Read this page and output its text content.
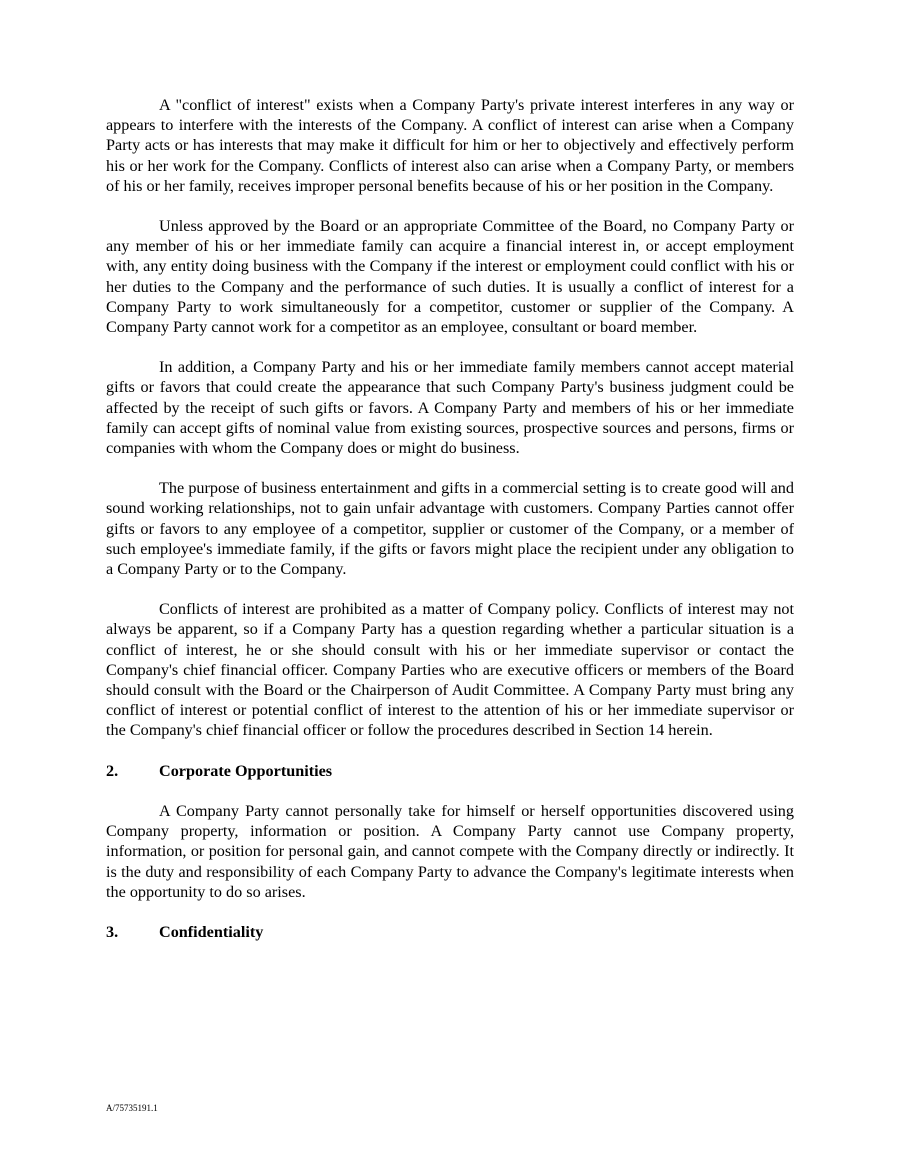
A "conflict of interest" exists when a Company Party's private interest interferes in any way or appears to interfere with the interests of the Company. A conflict of interest can arise when a Company Party acts or has interests that may make it difficult for him or her to objectively and effectively perform his or her work for the Company. Conflicts of interest also can arise when a Company Party, or members of his or her family, receives improper personal benefits because of his or her position in the Company.

Unless approved by the Board or an appropriate Committee of the Board, no Company Party or any member of his or her immediate family can acquire a financial interest in, or accept employment with, any entity doing business with the Company if the interest or employment could conflict with his or her duties to the Company and the performance of such duties. It is usually a conflict of interest for a Company Party to work simultaneously for a competitor, customer or supplier of the Company. A Company Party cannot work for a competitor as an employee, consultant or board member.

In addition, a Company Party and his or her immediate family members cannot accept material gifts or favors that could create the appearance that such Company Party's business judgment could be affected by the receipt of such gifts or favors. A Company Party and members of his or her immediate family can accept gifts of nominal value from existing sources, prospective sources and persons, firms or companies with whom the Company does or might do business.

The purpose of business entertainment and gifts in a commercial setting is to create good will and sound working relationships, not to gain unfair advantage with customers. Company Parties cannot offer gifts or favors to any employee of a competitor, supplier or customer of the Company, or a member of such employee's immediate family, if the gifts or favors might place the recipient under any obligation to a Company Party or to the Company.

Conflicts of interest are prohibited as a matter of Company policy. Conflicts of interest may not always be apparent, so if a Company Party has a question regarding whether a particular situation is a conflict of interest, he or she should consult with his or her immediate supervisor or contact the Company's chief financial officer. Company Parties who are executive officers or members of the Board should consult with the Board or the Chairperson of Audit Committee. A Company Party must bring any conflict of interest or potential conflict of interest to the attention of his or her immediate supervisor or the Company's chief financial officer or follow the procedures described in Section 14 herein.

2.	Corporate Opportunities

A Company Party cannot personally take for himself or herself opportunities discovered using Company property, information or position. A Company Party cannot use Company property, information, or position for personal gain, and cannot compete with the Company directly or indirectly. It is the duty and responsibility of each Company Party to advance the Company's legitimate interests when the opportunity to do so arises.

3.	Confidentiality
A/75735191.1
